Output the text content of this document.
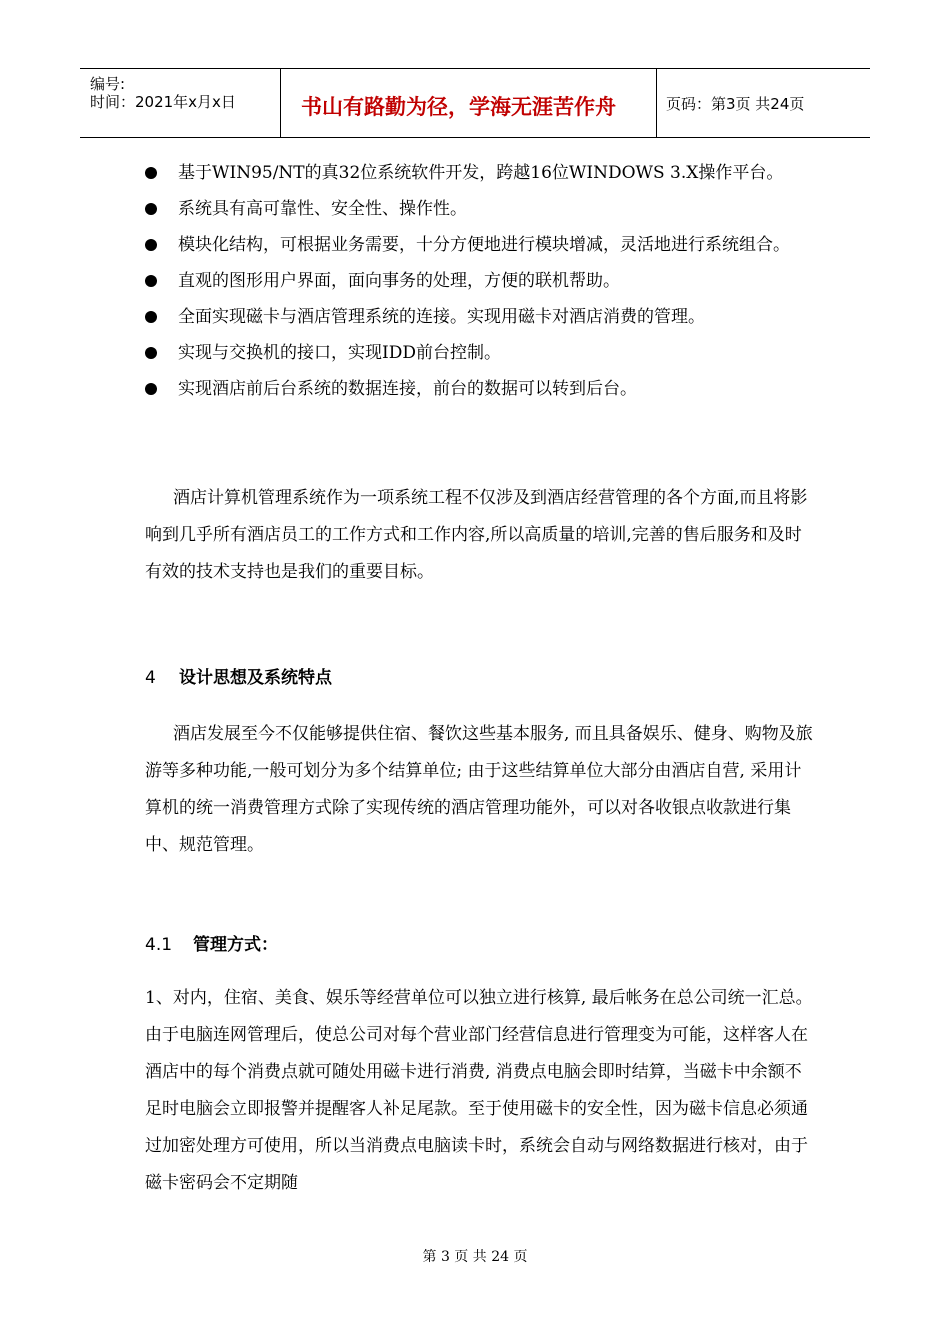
编号:
时间：2021年x月x日	书山有路勤为径，学海无涯苦作舟	页码：第3页 共24页
基于WIN95/NT的真32位系统软件开发，跨越16位WINDOWS 3.X操作平台。
系统具有高可靠性、安全性、操作性。
模块化结构，可根据业务需要，十分方便地进行模块增减，灵活地进行系统组合。
直观的图形用户界面，面向事务的处理，方便的联机帮助。
全面实现磁卡与酒店管理系统的连接。实现用磁卡对酒店消费的管理。
实现与交换机的接口，实现IDD前台控制。
实现酒店前后台系统的数据连接，前台的数据可以转到后台。

酒店计算机管理系统作为一项系统工程不仅涉及到酒店经营管理的各个方面,而且将影响到几乎所有酒店员工的工作方式和工作内容,所以高质量的培训,完善的售后服务和及时有效的技术支持也是我们的重要目标。

4 设计思想及系统特点

酒店发展至今不仅能够提供住宿、餐饮这些基本服务, 而且具备娱乐、健身、购物及旅游等多种功能,一般可划分为多个结算单位; 由于这些结算单位大部分由酒店自营, 采用计算机的统一消费管理方式除了实现传统的酒店管理功能外，可以对各收银点收款进行集中、规范管理。

4.1 管理方式：

1、对内，住宿、美食、娱乐等经营单位可以独立进行核算, 最后帐务在总公司统一汇总。由于电脑连网管理后，使总公司对每个营业部门经营信息进行管理变为可能，这样客人在酒店中的每个消费点就可随处用磁卡进行消费, 消费点电脑会即时结算，当磁卡中余额不足时电脑会立即报警并提醒客人补足尾款。至于使用磁卡的安全性，因为磁卡信息必须通过加密处理方可使用，所以当消费点电脑读卡时，系统会自动与网络数据进行核对，由于磁卡密码会不定期随

第 3 页 共 24 页
